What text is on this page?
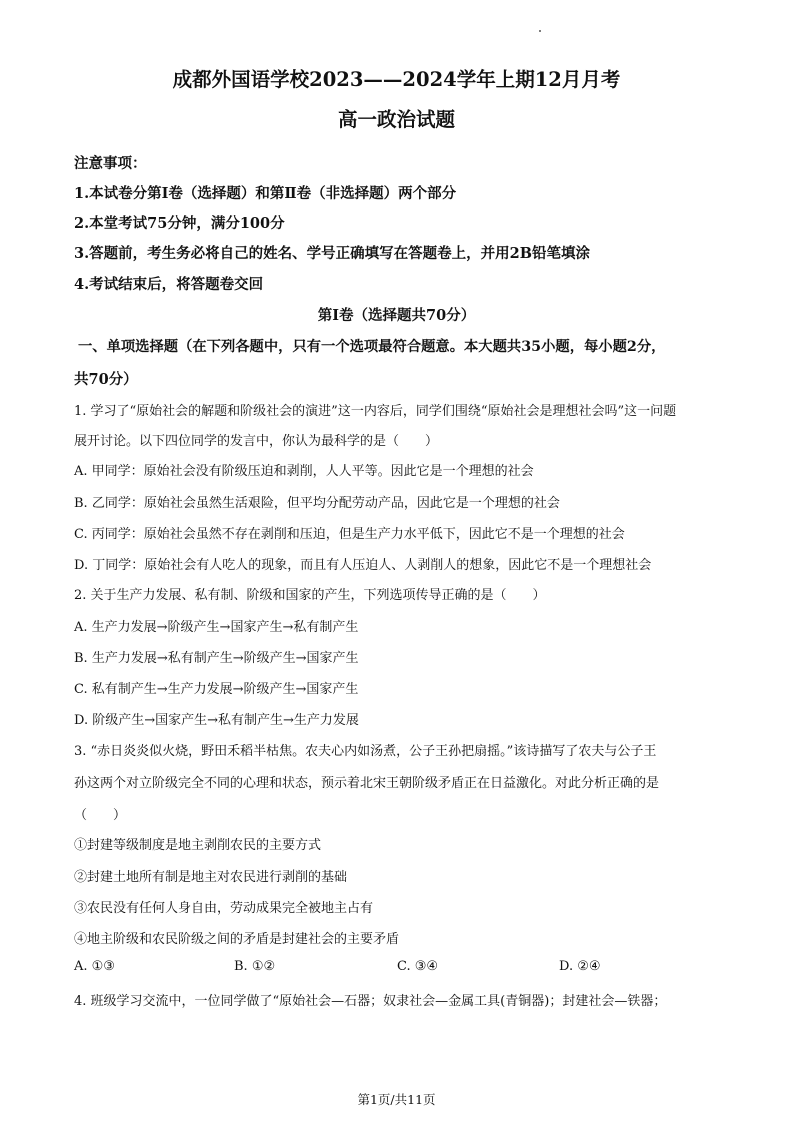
成都外国语学校2023——2024学年上期12月月考
高一政治试题
注意事项：
1.本试卷分第Ⅰ卷（选择题）和第Ⅱ卷（非选择题）两个部分
2.本堂考试75分钟，满分100分
3.答题前，考生务必将自己的姓名、学号正确填写在答题卷上，并用2B铅笔填涂
4.考试结束后，将答题卷交回
第Ⅰ卷（选择题共70分）
一、单项选择题（在下列各题中，只有一个选项最符合题意。本大题共35小题，每小题2分，
共70分）
1. 学习了“原始社会的解题和阶级社会的演进”这一内容后，同学们围绕“原始社会是理想社会吗”这一问题
展开讨论。以下四位同学的发言中，你认为最科学的是（　　）
A. 甲同学：原始社会没有阶级压迫和剥削，人人平等。因此它是一个理想的社会
B. 乙同学：原始社会虽然生活艰险，但平均分配劳动产品，因此它是一个理想的社会
C. 丙同学：原始社会虽然不存在剥削和压迫，但是生产力水平低下，因此它不是一个理想的社会
D. 丁同学：原始社会有人吃人的现象，而且有人压迫人、人剥削人的想象，因此它不是一个理想社会
2. 关于生产力发展、私有制、阶级和国家的产生，下列选项传导正确的是（　　）
A. 生产力发展→阶级产生→国家产生→私有制产生
B. 生产力发展→私有制产生→阶级产生→国家产生
C. 私有制产生→生产力发展→阶级产生→国家产生
D. 阶级产生→国家产生→私有制产生→生产力发展
3. “赤日炎炎似火烧，野田禾稻半枯焦。农夫心内如汤煮，公子王孙把扇摇。”该诗描写了农夫与公子王
孙这两个对立阶级完全不同的心理和状态，预示着北宋王朝阶级矛盾正在日益激化。对此分析正确的是
（　　）
①封建等级制度是地主剥削农民的主要方式
②封建土地所有制是地主对农民进行剥削的基础
③农民没有任何人身自由，劳动成果完全被地主占有
④地主阶级和农民阶级之间的矛盾是封建社会的主要矛盾
A. ①③	B. ①②	C. ③④	D. ②④
4. 班级学习交流中，一位同学做了“原始社会—石器；奴隶社会—金属工具(青铜器)；封建社会—铁器；
第1页/共11页
